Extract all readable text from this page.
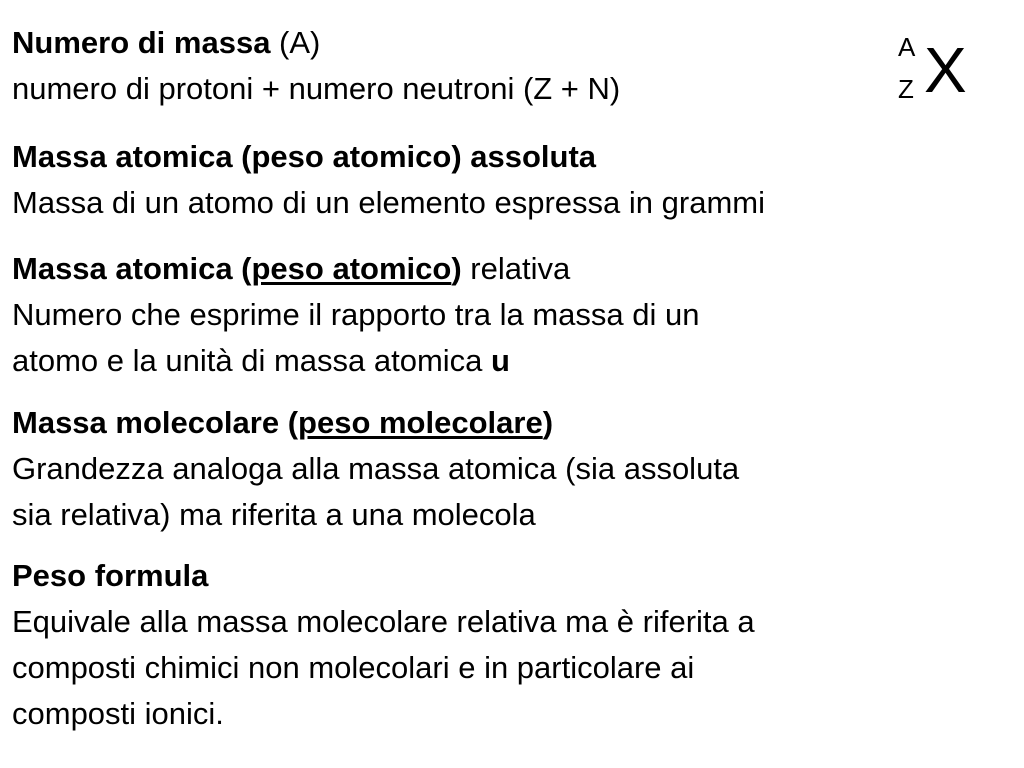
A
Z X

Numero di massa (A)

numero di protoni + numero neutroni (Z + N)

Massa atomica (peso atomico) assoluta

Massa di un atomo di un elemento espressa in grammi

Massa atomica (peso atomico) relativa

Numero che esprime il rapporto tra la massa di un

atomo e la unità di massa atomica u

Massa molecolare (peso molecolare)

Grandezza analoga alla massa atomica (sia assoluta

sia relativa) ma riferita a una molecola

Peso formula

Equivale alla massa molecolare relativa ma è riferita a

composti chimici non molecolari e in particolare ai

composti ionici.
